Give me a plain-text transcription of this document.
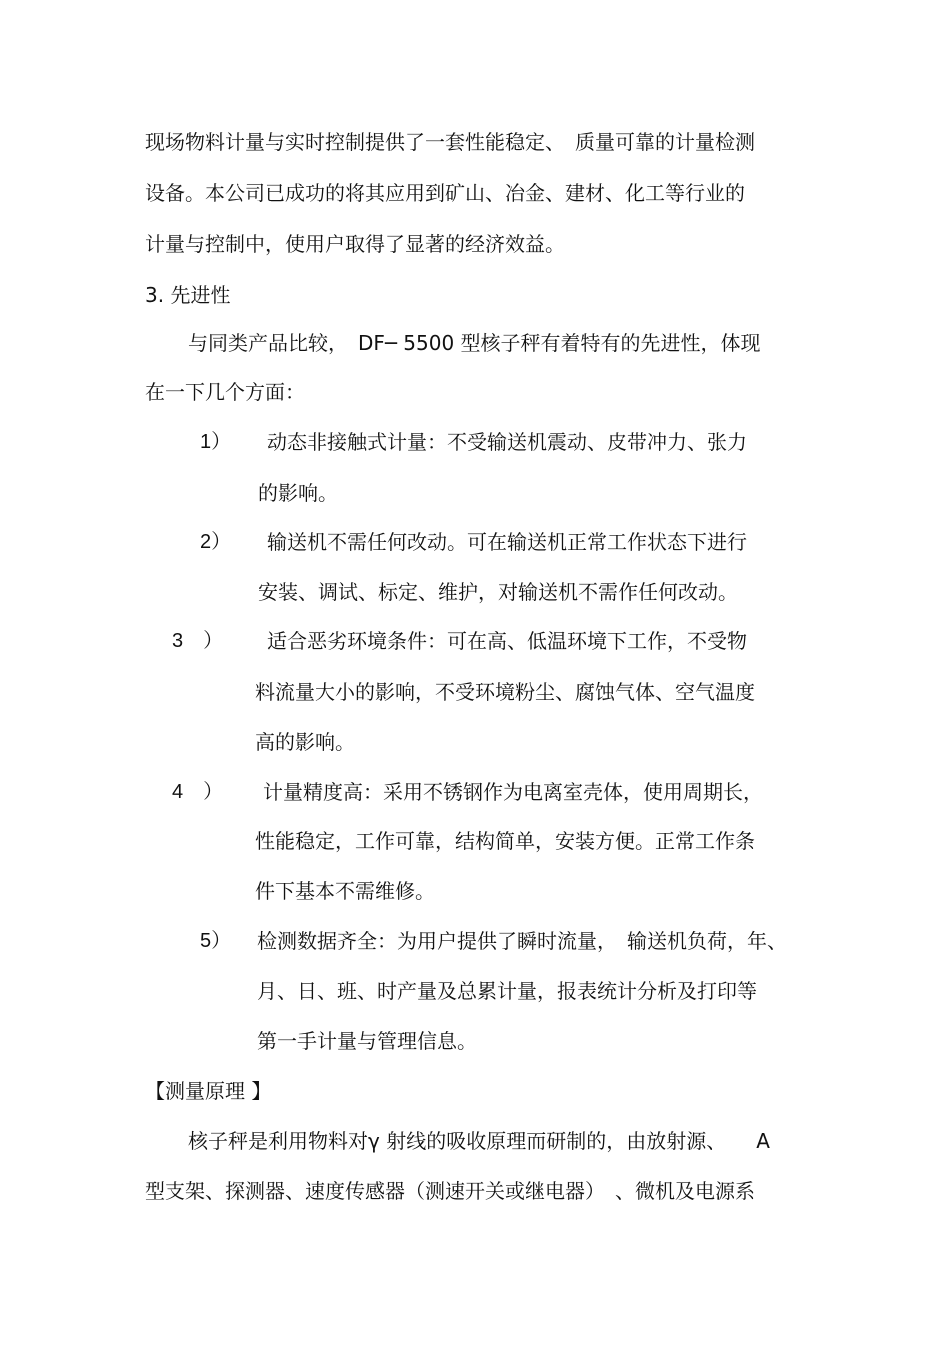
现场物料计量与实时控制提供了一套性能稳定、　质量可靠的计量检测
设备。本公司已成功的将其应用到矿山、冶金、建材、化工等行业的
计量与控制中，使用户取得了显著的经济效益。
3. 先进性
与同类产品比较，　DF─ 5500 型核子秤有着特有的先进性，体现
在一下几个方面：
1） 动态非接触式计量：不受输送机震动、皮带冲力、张力
的影响。
2） 输送机不需任何改动。可在输送机正常工作状态下进行
安装、调试、标定、维护，对输送机不需作任何改动。
3　） 适合恶劣环境条件：可在高、低温环境下工作，不受物
料流量大小的影响，不受环境粉尘、腐蚀气体、空气温度
高的影响。
4　） 计量精度高：采用不锈钢作为电离室壳体，使用周期长，
性能稳定，工作可靠，结构简单，安装方便。正常工作条
件下基本不需维修。
5） 检测数据齐全：为用户提供了瞬时流量，　输送机负荷，年、
月、日、班、时产量及总累计量，报表统计分析及打印等
第一手计量与管理信息。
【测量原理 】
核子秤是利用物料对γ 射线的吸收原理而研制的，由放射源、　　A
型支架、探测器、速度传感器（测速开关或继电器）　、微机及电源系
